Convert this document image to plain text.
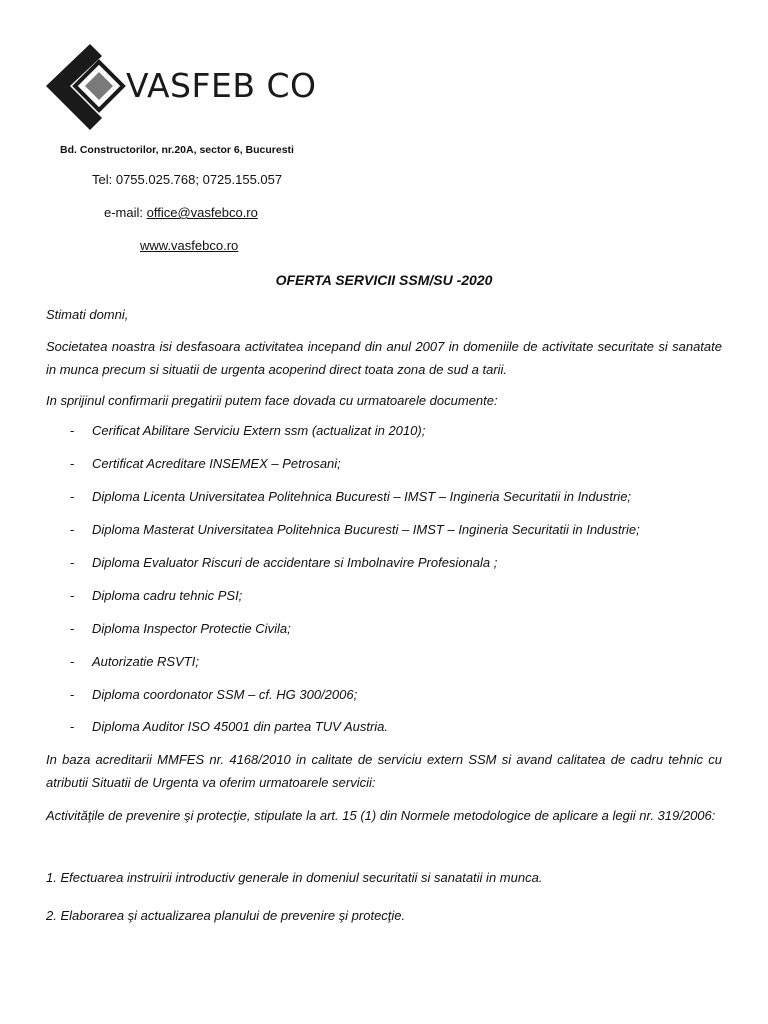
VASFEB CO
Bd. Constructorilor, nr.20A, sector 6, Bucuresti
Tel: 0755.025.768; 0725.155.057
e-mail: office@vasfebco.ro
www.vasfebco.ro
OFERTA SERVICII SSM/SU -2020
Stimati domni,
Societatea noastra isi desfasoara activitatea incepand din anul 2007 in domeniile de activitate securitate si sanatate in munca precum si situatii de urgenta acoperind direct toata zona de sud a tarii.
In sprijinul confirmarii pregatirii putem face dovada cu urmatoarele documente:
- Cerificat Abilitare Serviciu Extern ssm (actualizat in 2010);
- Certificat Acreditare INSEMEX – Petrosani;
- Diploma Licenta Universitatea Politehnica Bucuresti – IMST – Ingineria Securitatii in Industrie;
- Diploma Masterat Universitatea Politehnica Bucuresti – IMST – Ingineria Securitatii in Industrie;
- Diploma Evaluator Riscuri de accidentare si Imbolnavire Profesionala ;
- Diploma cadru tehnic PSI;
- Diploma Inspector Protectie Civila;
- Autorizatie RSVTI;
- Diploma coordonator SSM – cf. HG 300/2006;
- Diploma Auditor ISO 45001 din partea TUV Austria.
In baza acreditarii MMFES nr. 4168/2010 in calitate de serviciu extern SSM si avand calitatea de cadru tehnic cu atributii Situatii de Urgenta va oferim urmatoarele servicii:
Activităţile de prevenire şi protecţie, stipulate la art. 15 (1) din Normele metodologice de aplicare a legii nr. 319/2006:
1. Efectuarea instruirii introductiv generale in domeniul securitatii si sanatatii in munca.
2. Elaborarea şi actualizarea planului de prevenire şi protecţie.
